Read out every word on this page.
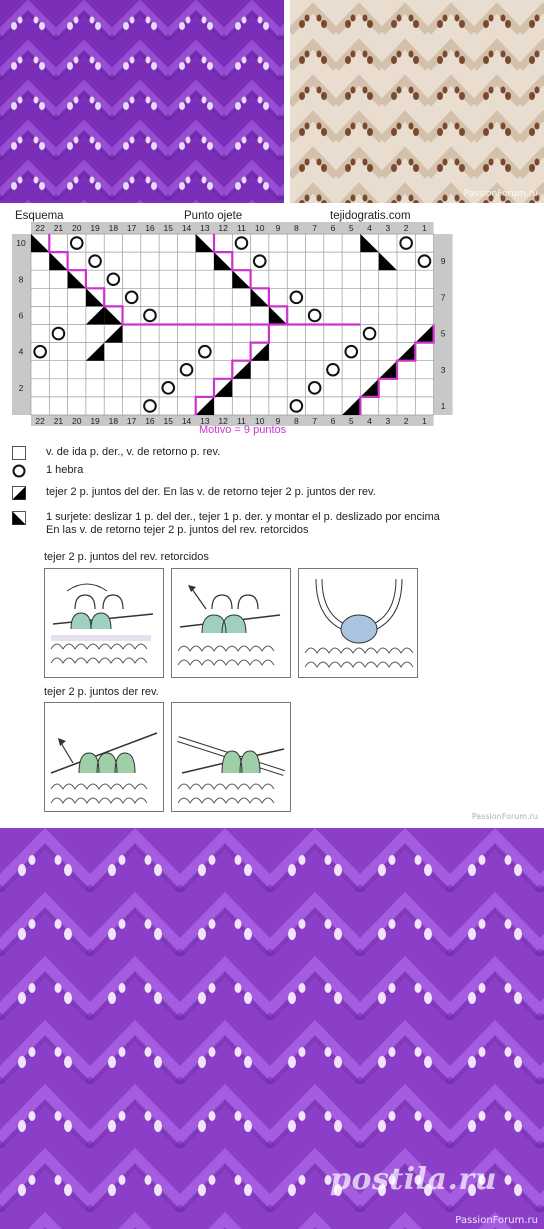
PassionForum.ru
Esquema	Punto ojete	tejidogratis.com
22
22
21
21
20
20
19
19
18
18
17
17
16
16
15
15
14
14
13
13
12
12
11
11
10
10
9
9
8
8
7
7
6
6
5
5
4
4
3
3
2
2
1
1
10
8
6
4
2
9
7
5
3
1
Motivo = 9 puntos
v. de ida p. der., v. de retorno p. rev.
1 hebra
tejer 2 p. juntos del der. En las v. de retorno tejer 2 p. juntos der rev.
1 surjete: deslizar 1 p. del der., tejer 1 p. der. y montar el p. deslizado por encima
En las v. de retorno tejer 2 p. juntos del rev. retorcidos
tejer 2 p. juntos del rev. retorcidos
tejer 2 p. juntos der rev.
PassionForum.ru
postila.ru
PassionForum.ru
